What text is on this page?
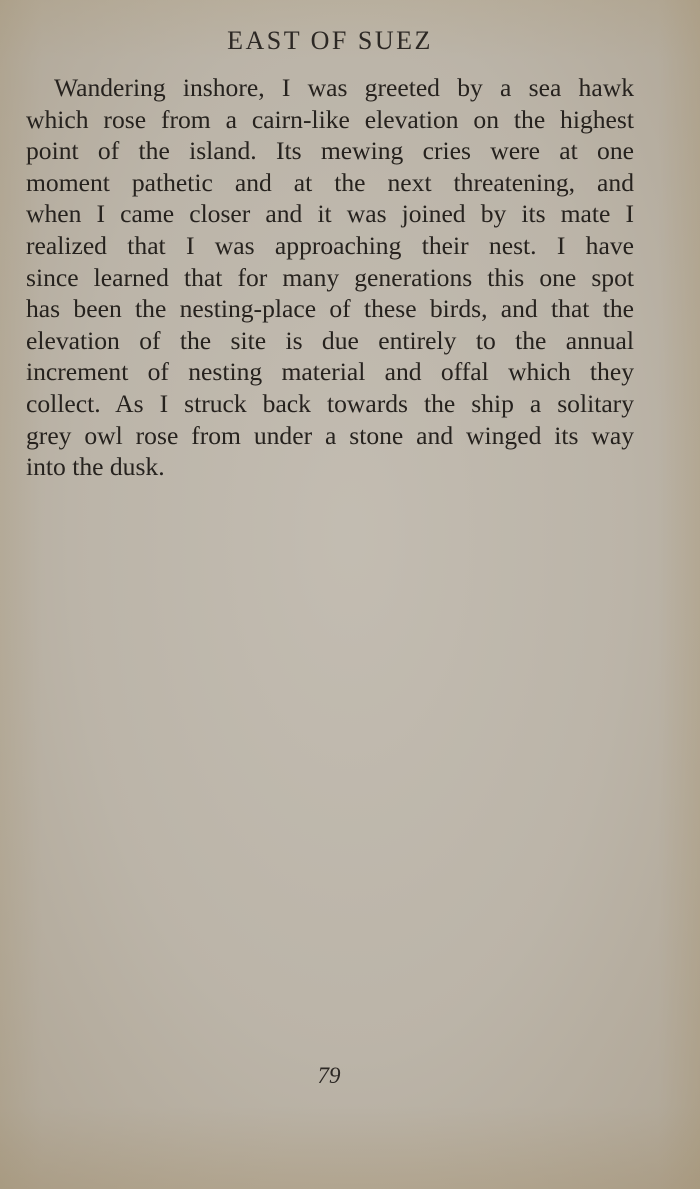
EAST OF SUEZ
Wandering inshore, I was greeted by a sea hawk
which rose from a cairn-like elevation on the highest
point of the island. Its mewing cries were at one
moment pathetic and at the next threatening, and
when I came closer and it was joined by its mate I
realized that I was approaching their nest. I have
since learned that for many generations this one spot
has been the nesting-place of these birds, and that the
elevation of the site is due entirely to the annual
increment of nesting material and offal which they
collect. As I struck back towards the ship a solitary
grey owl rose from under a stone and winged its way
into the dusk.
79
